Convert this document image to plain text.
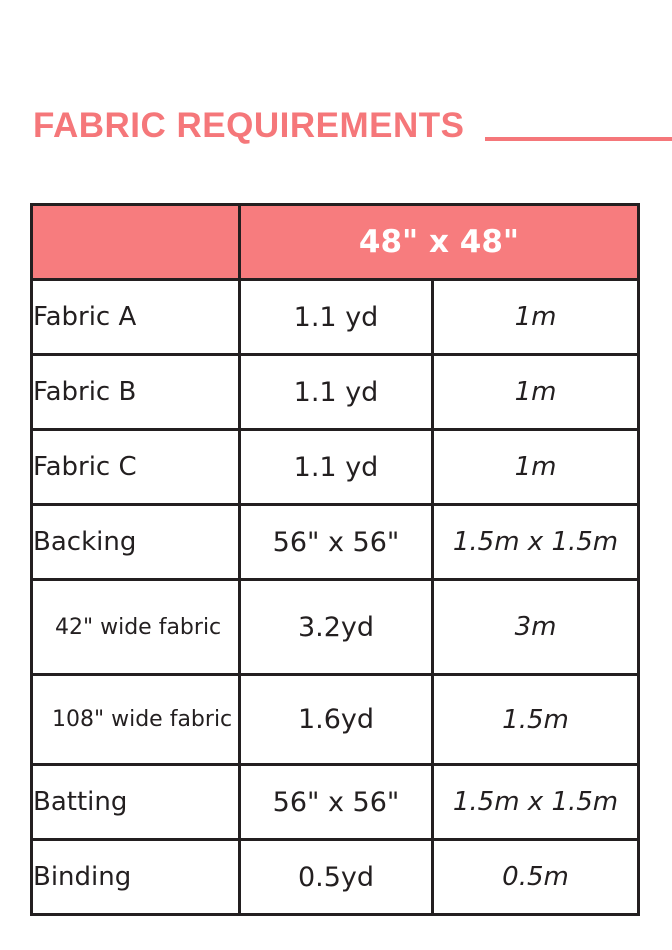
FABRIC REQUIREMENTS
	48" x 48"	
Fabric A	1.1 yd	1m
Fabric B	1.1 yd	1m
Fabric C	1.1 yd	1m
Backing	56" x 56"	1.5m x 1.5m
42" wide fabric	3.2yd	3m
108" wide fabric	1.6yd	1.5m
Batting	56" x 56"	1.5m x 1.5m
Binding	0.5yd	0.5m
